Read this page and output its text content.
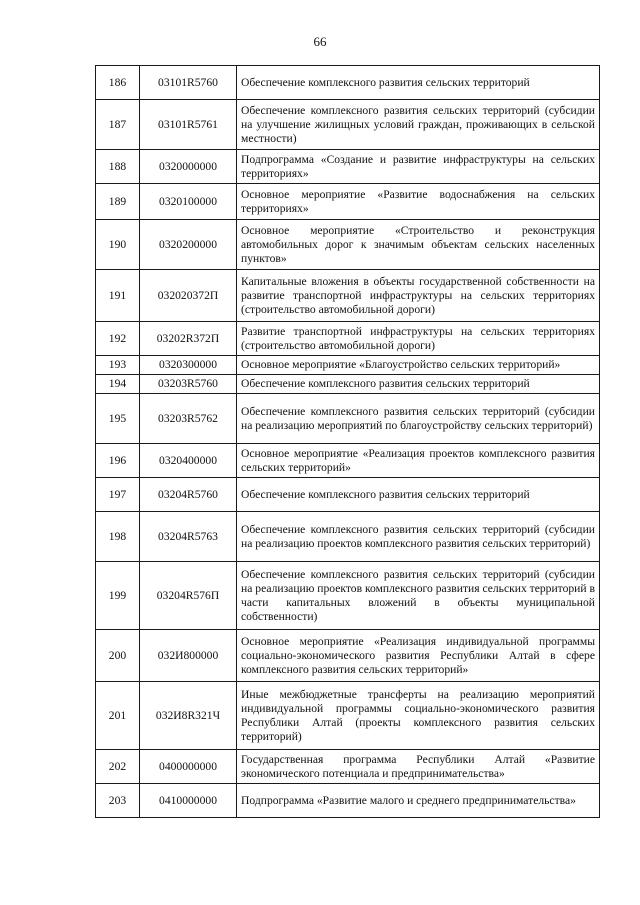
66
186	03101R5760	Обеспечение комплексного развития сельских территорий
187	03101R5761	Обеспечение комплексного развития сельских территорий (субсидии на улучшение жилищных условий граждан, проживающих в сельской местности)
188	0320000000	Подпрограмма «Создание и развитие инфраструктуры на сельских территориях»
189	0320100000	Основное мероприятие «Развитие водоснабжения на сельских территориях»
190	0320200000	Основное мероприятие «Строительство и реконструкция автомобильных дорог к значимым объектам сельских населенных пунктов»
191	032020372П	Капитальные вложения в объекты государственной собственности на развитие транспортной инфраструктуры на сельских территориях (строительство автомобильной дороги)
192	03202R372П	Развитие транспортной инфраструктуры на сельских территориях (строительство автомобильной дороги)
193	0320300000	Основное мероприятие «Благоустройство сельских территорий»
194	03203R5760	Обеспечение комплексного развития сельских территорий
195	03203R5762	Обеспечение комплексного развития сельских территорий (субсидии на реализацию мероприятий по благоустройству сельских территорий)
196	0320400000	Основное мероприятие «Реализация проектов комплексного развития сельских территорий»
197	03204R5760	Обеспечение комплексного развития сельских территорий
198	03204R5763	Обеспечение комплексного развития сельских территорий (субсидии на реализацию проектов комплексного развития сельских территорий)
199	03204R576П	Обеспечение комплексного развития сельских территорий (субсидии на реализацию проектов комплексного развития сельских территорий в части капитальных вложений в объекты муниципальной собственности)
200	032И800000	Основное мероприятие «Реализация индивидуальной программы социально-экономического развития Республики Алтай в сфере комплексного развития сельских территорий»
201	032И8R321Ч	Иные межбюджетные трансферты на реализацию мероприятий индивидуальной программы социально-экономического развития Республики Алтай (проекты комплексного развития сельских территорий)
202	0400000000	Государственная программа Республики Алтай «Развитие экономического потенциала и предпринимательства»
203	0410000000	Подпрограмма «Развитие малого и среднего предпринимательства»
